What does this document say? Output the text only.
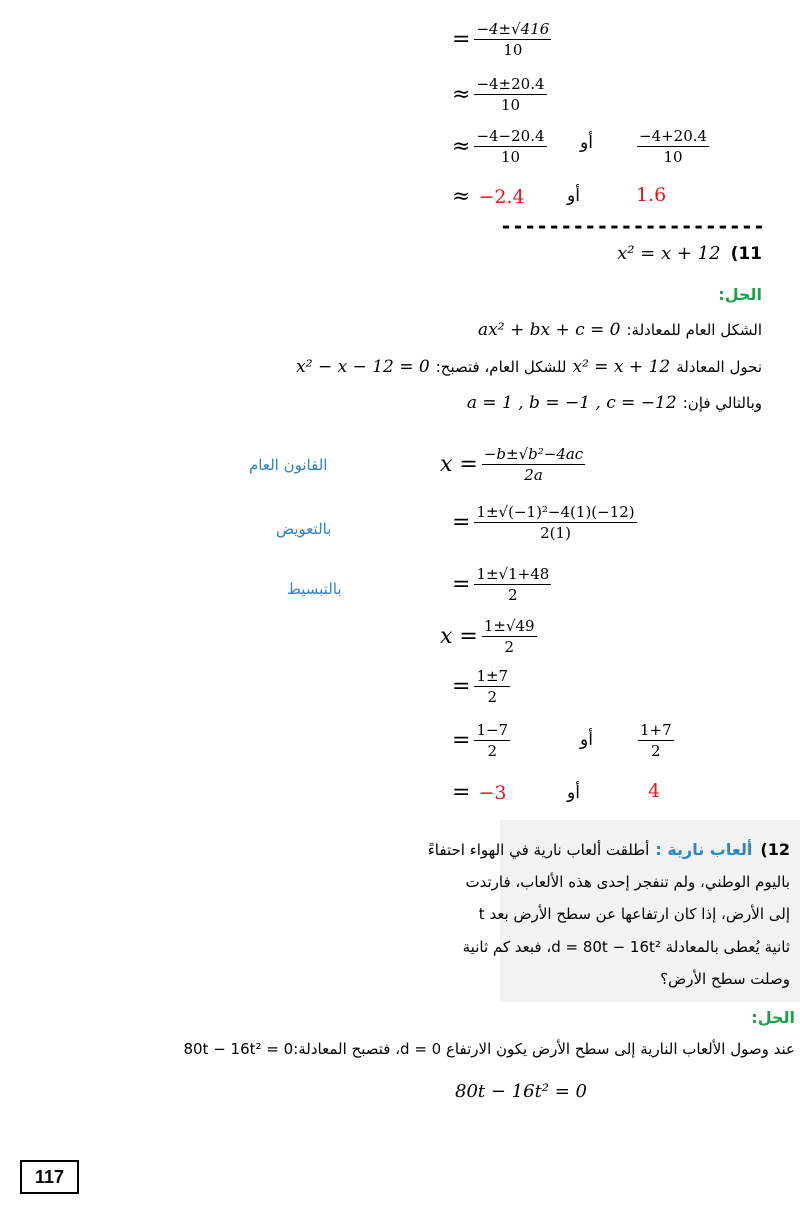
= $\frac{-4\pm√416}{10}$
≈ $\frac{-4\pm 20.4}{10}$
≈ $\frac{-4-20.4}{10}$ أو	$\frac{-4+20.4}{10}$
≈ −2.4 أو	1.6
----------------------
x² = x + 12 (11
الحل:
الشكل العام للمعادلة:
ax² + bx + c = 0
نحول المعادلة
x² = x + 12
للشكل العام، فتصبح:
x² − x − 12 = 0
وبالتالي فإن:
a = 1 , b = −1 , c = −12
$x = \frac{\text{−b±√b²−4ac}}{2a}$
القانون العام
= $\frac{\text{1±√(−1)²−4(1)(−12)}}{2(1)}$
بالتعويض
= $\frac{1\pm√1+48}{2}$
بالتبسيط
$x = \frac{1\pm√49}{2}$
= $\frac{1\pm 7}{2}$
= $\frac{1-7}{2}$	أو	$\frac{1+7}{2}$
= −3	أو	4
12)
ألعاب نارية :
أطلقت ألعاب نارية في الهواء احتفاءً
باليوم الوطني، ولم تنفجر إحدى هذه الألعاب، فارتدت
إلى الأرض، إذا كان ارتفاعها عن سطح الأرض بعد t
ثانية يُعطى بالمعادلة d = 80t − 16t²، فبعد كم ثانية
وصلت سطح الأرض؟
الحل:
عند وصول الألعاب النارية إلى سطح الأرض يكون الارتفاع d = 0، فتصبح المعادلة:0 = 80t − 16t²
80t − 16t² = 0
117
